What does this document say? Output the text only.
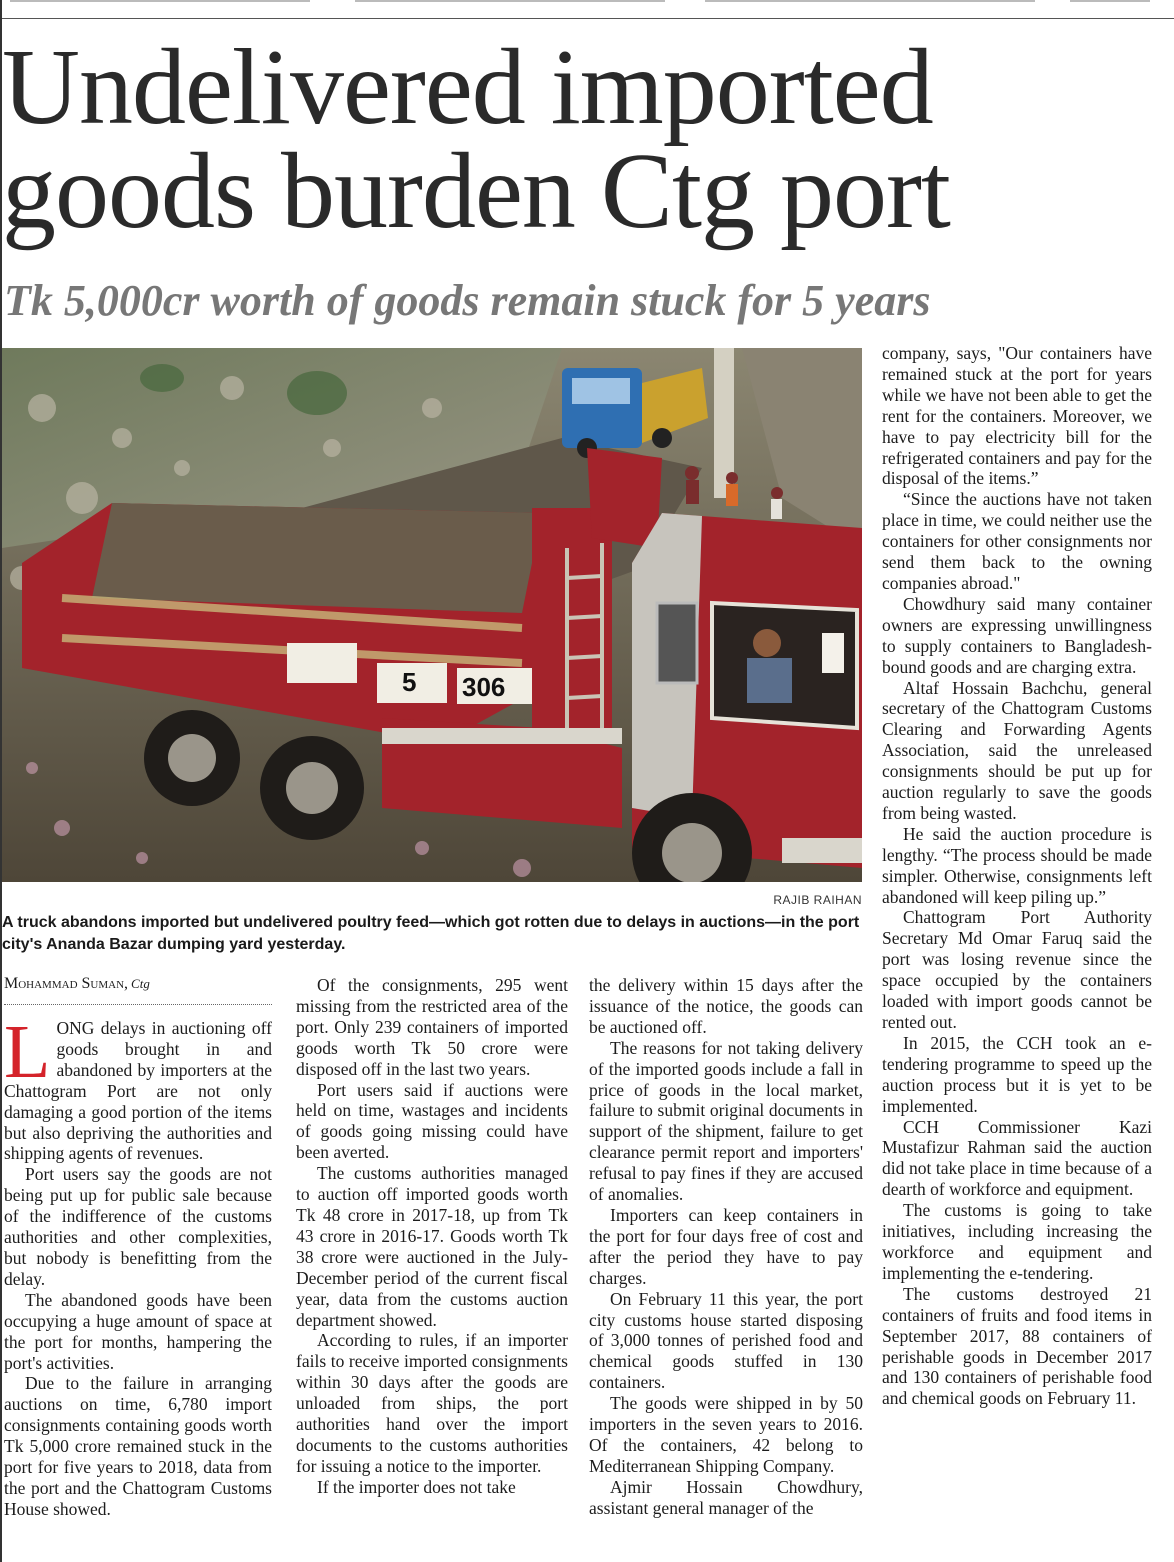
Undelivered imported
goods burden Ctg port
Tk 5,000cr worth of goods remain stuck for 5 years
5 306
RAJIB RAIHAN
A truck abandons imported but undelivered poultry feed—which got rotten due to delays in auctions—in the port city's Ananda Bazar dumping yard yesterday.
Mohammad Suman, Ctg

LONG delays in auctioning off goods brought in and abandoned by importers at the Chattogram Port are not only damaging a good portion of the items but also depriving the authorities and shipping agents of revenues.

Port users say the goods are not being put up for public sale because of the indifference of the customs authorities and other complexities, but nobody is benefitting from the delay.

The abandoned goods have been occupying a huge amount of space at the port for months, hampering the port's activities.

Due to the failure in arranging auctions on time, 6,780 import consignments containing goods worth Tk 5,000 crore remained stuck in the port for five years to 2018, data from the port and the Chattogram Customs House showed.

Of the consignments, 295 went missing from the restricted area of the port. Only 239 containers of imported goods worth Tk 50 crore were disposed off in the last two years.

Port users said if auctions were held on time, wastages and incidents of goods going missing could have been averted.

The customs authorities managed to auction off imported goods worth Tk 48 crore in 2017-18, up from Tk 43 crore in 2016-17. Goods worth Tk 38 crore were auctioned in the July-December period of the current fiscal year, data from the customs auction department showed.

According to rules, if an importer fails to receive imported consignments within 30 days after the goods are unloaded from ships, the port authorities hand over the import documents to the customs authorities for issuing a notice to the importer.

If the importer does not take

the delivery within 15 days after the issuance of the notice, the goods can be auctioned off.

The reasons for not taking delivery of the imported goods include a fall in price of goods in the local market, failure to submit original documents in support of the shipment, failure to get clearance permit report and importers' refusal to pay fines if they are accused of anomalies.

Importers can keep containers in the port for four days free of cost and after the period they have to pay charges.

On February 11 this year, the port city customs house started disposing of 3,000 tonnes of perished food and chemical goods stuffed in 130 containers.

The goods were shipped in by 50 importers in the seven years to 2016. Of the containers, 42 belong to Mediterranean Shipping Company.

Ajmir Hossain Chowdhury, assistant general manager of the

company, says, "Our containers have remained stuck at the port for years while we have not been able to get the rent for the containers. Moreover, we have to pay electricity bill for the refrigerated containers and pay for the disposal of the items.”

“Since the auctions have not taken place in time, we could neither use the containers for other consignments nor send them back to the owning companies abroad."

Chowdhury said many container owners are expressing unwillingness to supply containers to Bangladesh-bound goods and are charging extra.

Altaf Hossain Bachchu, general secretary of the Chattogram Customs Clearing and Forwarding Agents Association, said the unreleased consignments should be put up for auction regularly to save the goods from being wasted.

He said the auction procedure is lengthy. “The process should be made simpler. Otherwise, consignments left abandoned will keep piling up.”

Chattogram Port Authority Secretary Md Omar Faruq said the port was losing revenue since the space occupied by the containers loaded with import goods cannot be rented out.

In 2015, the CCH took an e-tendering programme to speed up the auction process but it is yet to be implemented.

CCH Commissioner Kazi Mustafizur Rahman said the auction did not take place in time because of a dearth of workforce and equipment.

The customs is going to take initiatives, including increasing the workforce and equipment and implementing the e-tendering.

The customs destroyed 21 containers of fruits and food items in September 2017, 88 containers of perishable goods in December 2017 and 130 containers of perishable food and chemical goods on February 11.
